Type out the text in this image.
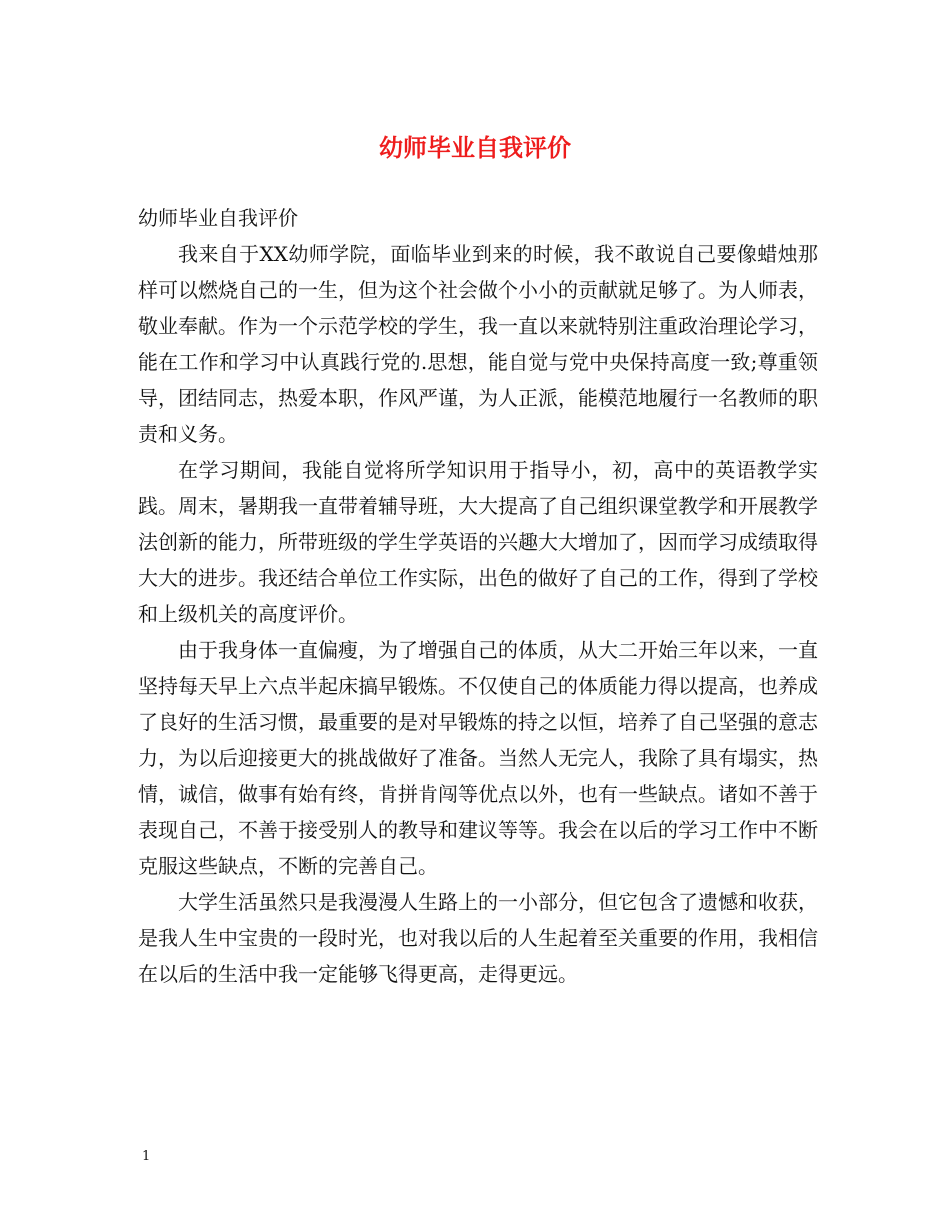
幼师毕业自我评价

幼师毕业自我评价

我来自于XX幼师学院，面临毕业到来的时候，我不敢说自己要像蜡烛那样可以燃烧自己的一生，但为这个社会做个小小的贡献就足够了。为人师表，敬业奉献。作为一个示范学校的学生，我一直以来就特别注重政治理论学习，能在工作和学习中认真践行党的.思想，能自觉与党中央保持高度一致;尊重领导，团结同志，热爱本职，作风严谨，为人正派，能模范地履行一名教师的职责和义务。

在学习期间，我能自觉将所学知识用于指导小，初，高中的英语教学实践。周末，暑期我一直带着辅导班，大大提高了自己组织课堂教学和开展教学法创新的能力，所带班级的学生学英语的兴趣大大增加了，因而学习成绩取得大大的进步。我还结合单位工作实际，出色的做好了自己的工作，得到了学校和上级机关的高度评价。

由于我身体一直偏瘦，为了增强自己的体质，从大二开始三年以来，一直坚持每天早上六点半起床搞早锻炼。不仅使自己的体质能力得以提高，也养成了良好的生活习惯，最重要的是对早锻炼的持之以恒，培养了自己坚强的意志力，为以后迎接更大的挑战做好了准备。当然人无完人，我除了具有塌实，热情，诚信，做事有始有终，肯拼肯闯等优点以外，也有一些缺点。诸如不善于表现自己，不善于接受别人的教导和建议等等。我会在以后的学习工作中不断克服这些缺点，不断的完善自己。

大学生活虽然只是我漫漫人生路上的一小部分，但它包含了遗憾和收获，是我人生中宝贵的一段时光，也对我以后的人生起着至关重要的作用，我相信在以后的生活中我一定能够飞得更高，走得更远。

1
